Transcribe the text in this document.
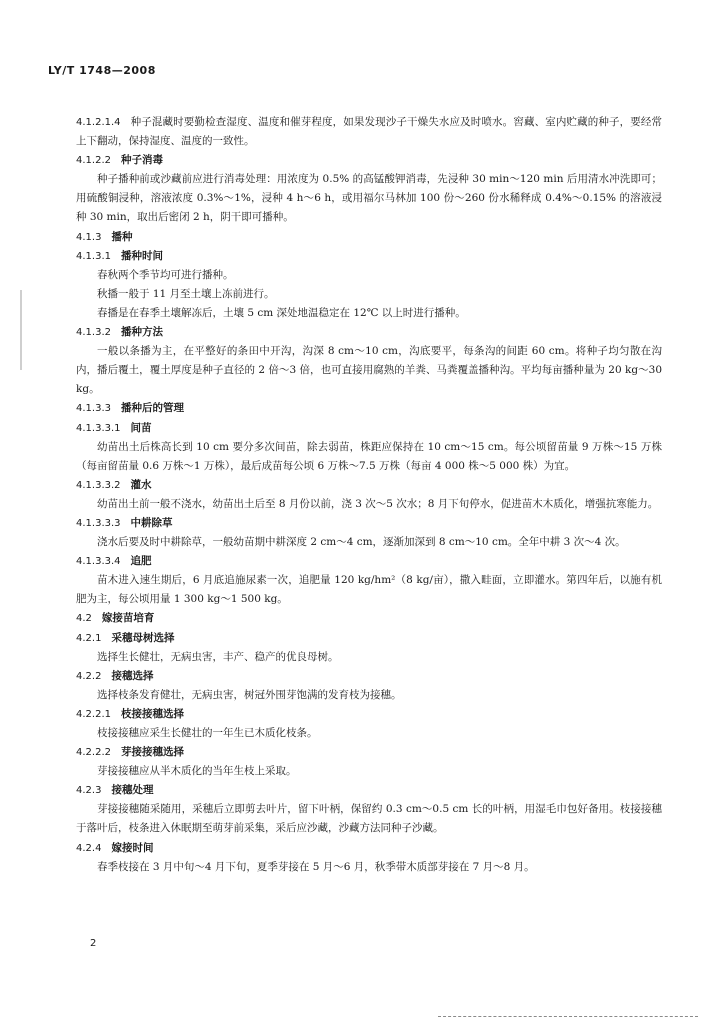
LY/T 1748—2008
4.1.2.1.4 种子混藏时要勤检查湿度、温度和催芽程度，如果发现沙子干燥失水应及时喷水。窖藏、室内贮藏的种子，要经常上下翻动，保持湿度、温度的一致性。
4.1.2.2 种子消毒
种子播种前或沙藏前应进行消毒处理：用浓度为 0.5% 的高锰酸钾消毒，先浸种 30 min～120 min 后用清水冲洗即可；用硫酸铜浸种，溶液浓度 0.3%～1%，浸种 4 h～6 h，或用福尔马林加 100 份～260 份水稀释成 0.4%～0.15% 的溶液浸种 30 min，取出后密闭 2 h，阴干即可播种。
4.1.3 播种
4.1.3.1 播种时间
春秋两个季节均可进行播种。
秋播一般于 11 月至土壤上冻前进行。
春播是在春季土壤解冻后，土壤 5 cm 深处地温稳定在 12℃ 以上时进行播种。
4.1.3.2 播种方法
一般以条播为主，在平整好的条田中开沟，沟深 8 cm～10 cm，沟底要平，每条沟的间距 60 cm。将种子均匀散在沟内，播后覆土，覆土厚度是种子直径的 2 倍～3 倍，也可直接用腐熟的羊粪、马粪覆盖播种沟。平均每亩播种量为 20 kg～30 kg。
4.1.3.3 播种后的管理
4.1.3.3.1 间苗
幼苗出土后株高长到 10 cm 要分多次间苗，除去弱苗，株距应保持在 10 cm～15 cm。每公顷留苗量 9 万株～15 万株（每亩留苗量 0.6 万株～1 万株），最后成苗每公顷 6 万株～7.5 万株（每亩 4 000 株～5 000 株）为宜。
4.1.3.3.2 灌水
幼苗出土前一般不浇水，幼苗出土后至 8 月份以前，浇 3 次～5 次水；8 月下旬停水，促进苗木木质化，增强抗寒能力。
4.1.3.3.3 中耕除草
浇水后要及时中耕除草，一般幼苗期中耕深度 2 cm～4 cm，逐渐加深到 8 cm～10 cm。全年中耕 3 次～4 次。
4.1.3.3.4 追肥
苗木进入速生期后，6 月底追施尿素一次，追肥量 120 kg/hm²（8 kg/亩），撒入畦面，立即灌水。第四年后，以施有机肥为主，每公顷用量 1 300 kg～1 500 kg。
4.2 嫁接苗培育
4.2.1 采穗母树选择
选择生长健壮，无病虫害，丰产、稳产的优良母树。
4.2.2 接穗选择
选择枝条发育健壮，无病虫害，树冠外围芽饱满的发育枝为接穗。
4.2.2.1 枝接接穗选择
枝接接穗应采生长健壮的一年生已木质化枝条。
4.2.2.2 芽接接穗选择
芽接接穗应从半木质化的当年生枝上采取。
4.2.3 接穗处理
芽接接穗随采随用，采穗后立即剪去叶片，留下叶柄，保留约 0.3 cm～0.5 cm 长的叶柄，用湿毛巾包好备用。枝接接穗于落叶后，枝条进入休眠期至萌芽前采集，采后应沙藏，沙藏方法同种子沙藏。
4.2.4 嫁接时间
春季枝接在 3 月中旬～4 月下旬，夏季芽接在 5 月～6 月，秋季带木质部芽接在 7 月～8 月。
2
